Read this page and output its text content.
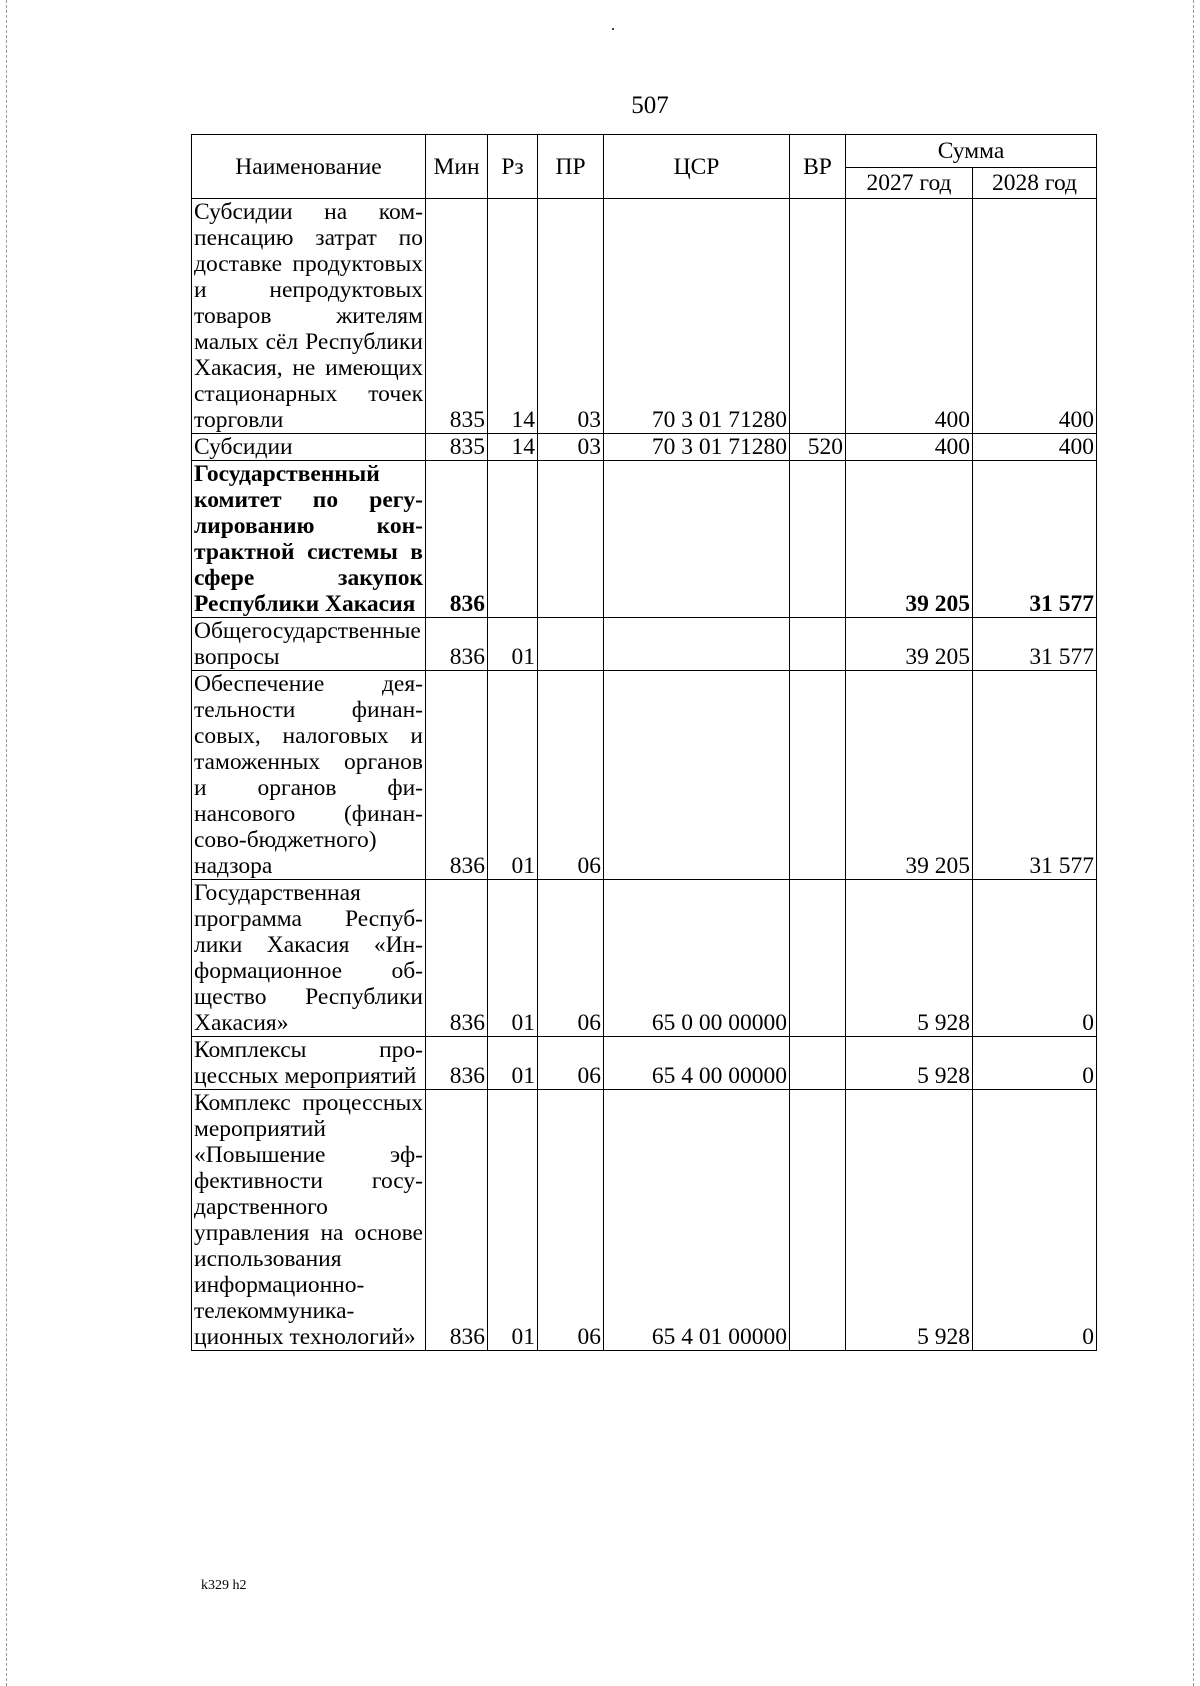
507
Наименование	Мин	Рз	ПР	ЦСР	ВР	Сумма	
						2027 год	2028 год
Субсидии на компенсацию затрат по доставке продуктовых и непродуктовых товаров жителям малых сёл Республики Хакасия, не имеющих стационарных точек торговли	835	14	03	70 3 01 71280		400	400
Субсидии	835	14	03	70 3 01 71280	520	400	400
Государственный комитет по регулированию контрактной системы в сфере закупок Республики Хакасия	836					39 205	31 577
Общегосударственные вопросы	836	01				39 205	31 577
Обеспечение деятельности финансовых, налоговых и таможенных органов и органов финансового (финансово-бюджетного) надзора	836	01	06			39 205	31 577
Государственная программа Республики Хакасия «Информационное общество Республики Хакасия»	836	01	06	65 0 00 00000		5 928	0
Комплексы процессных мероприятий	836	01	06	65 4 00 00000		5 928	0
Комплекс процессных мероприятий «Повышение эффективности государственного управления на основе использования информационно-телекоммуникационных технологий»	836	01	06	65 4 01 00000		5 928	0
k329 h2
